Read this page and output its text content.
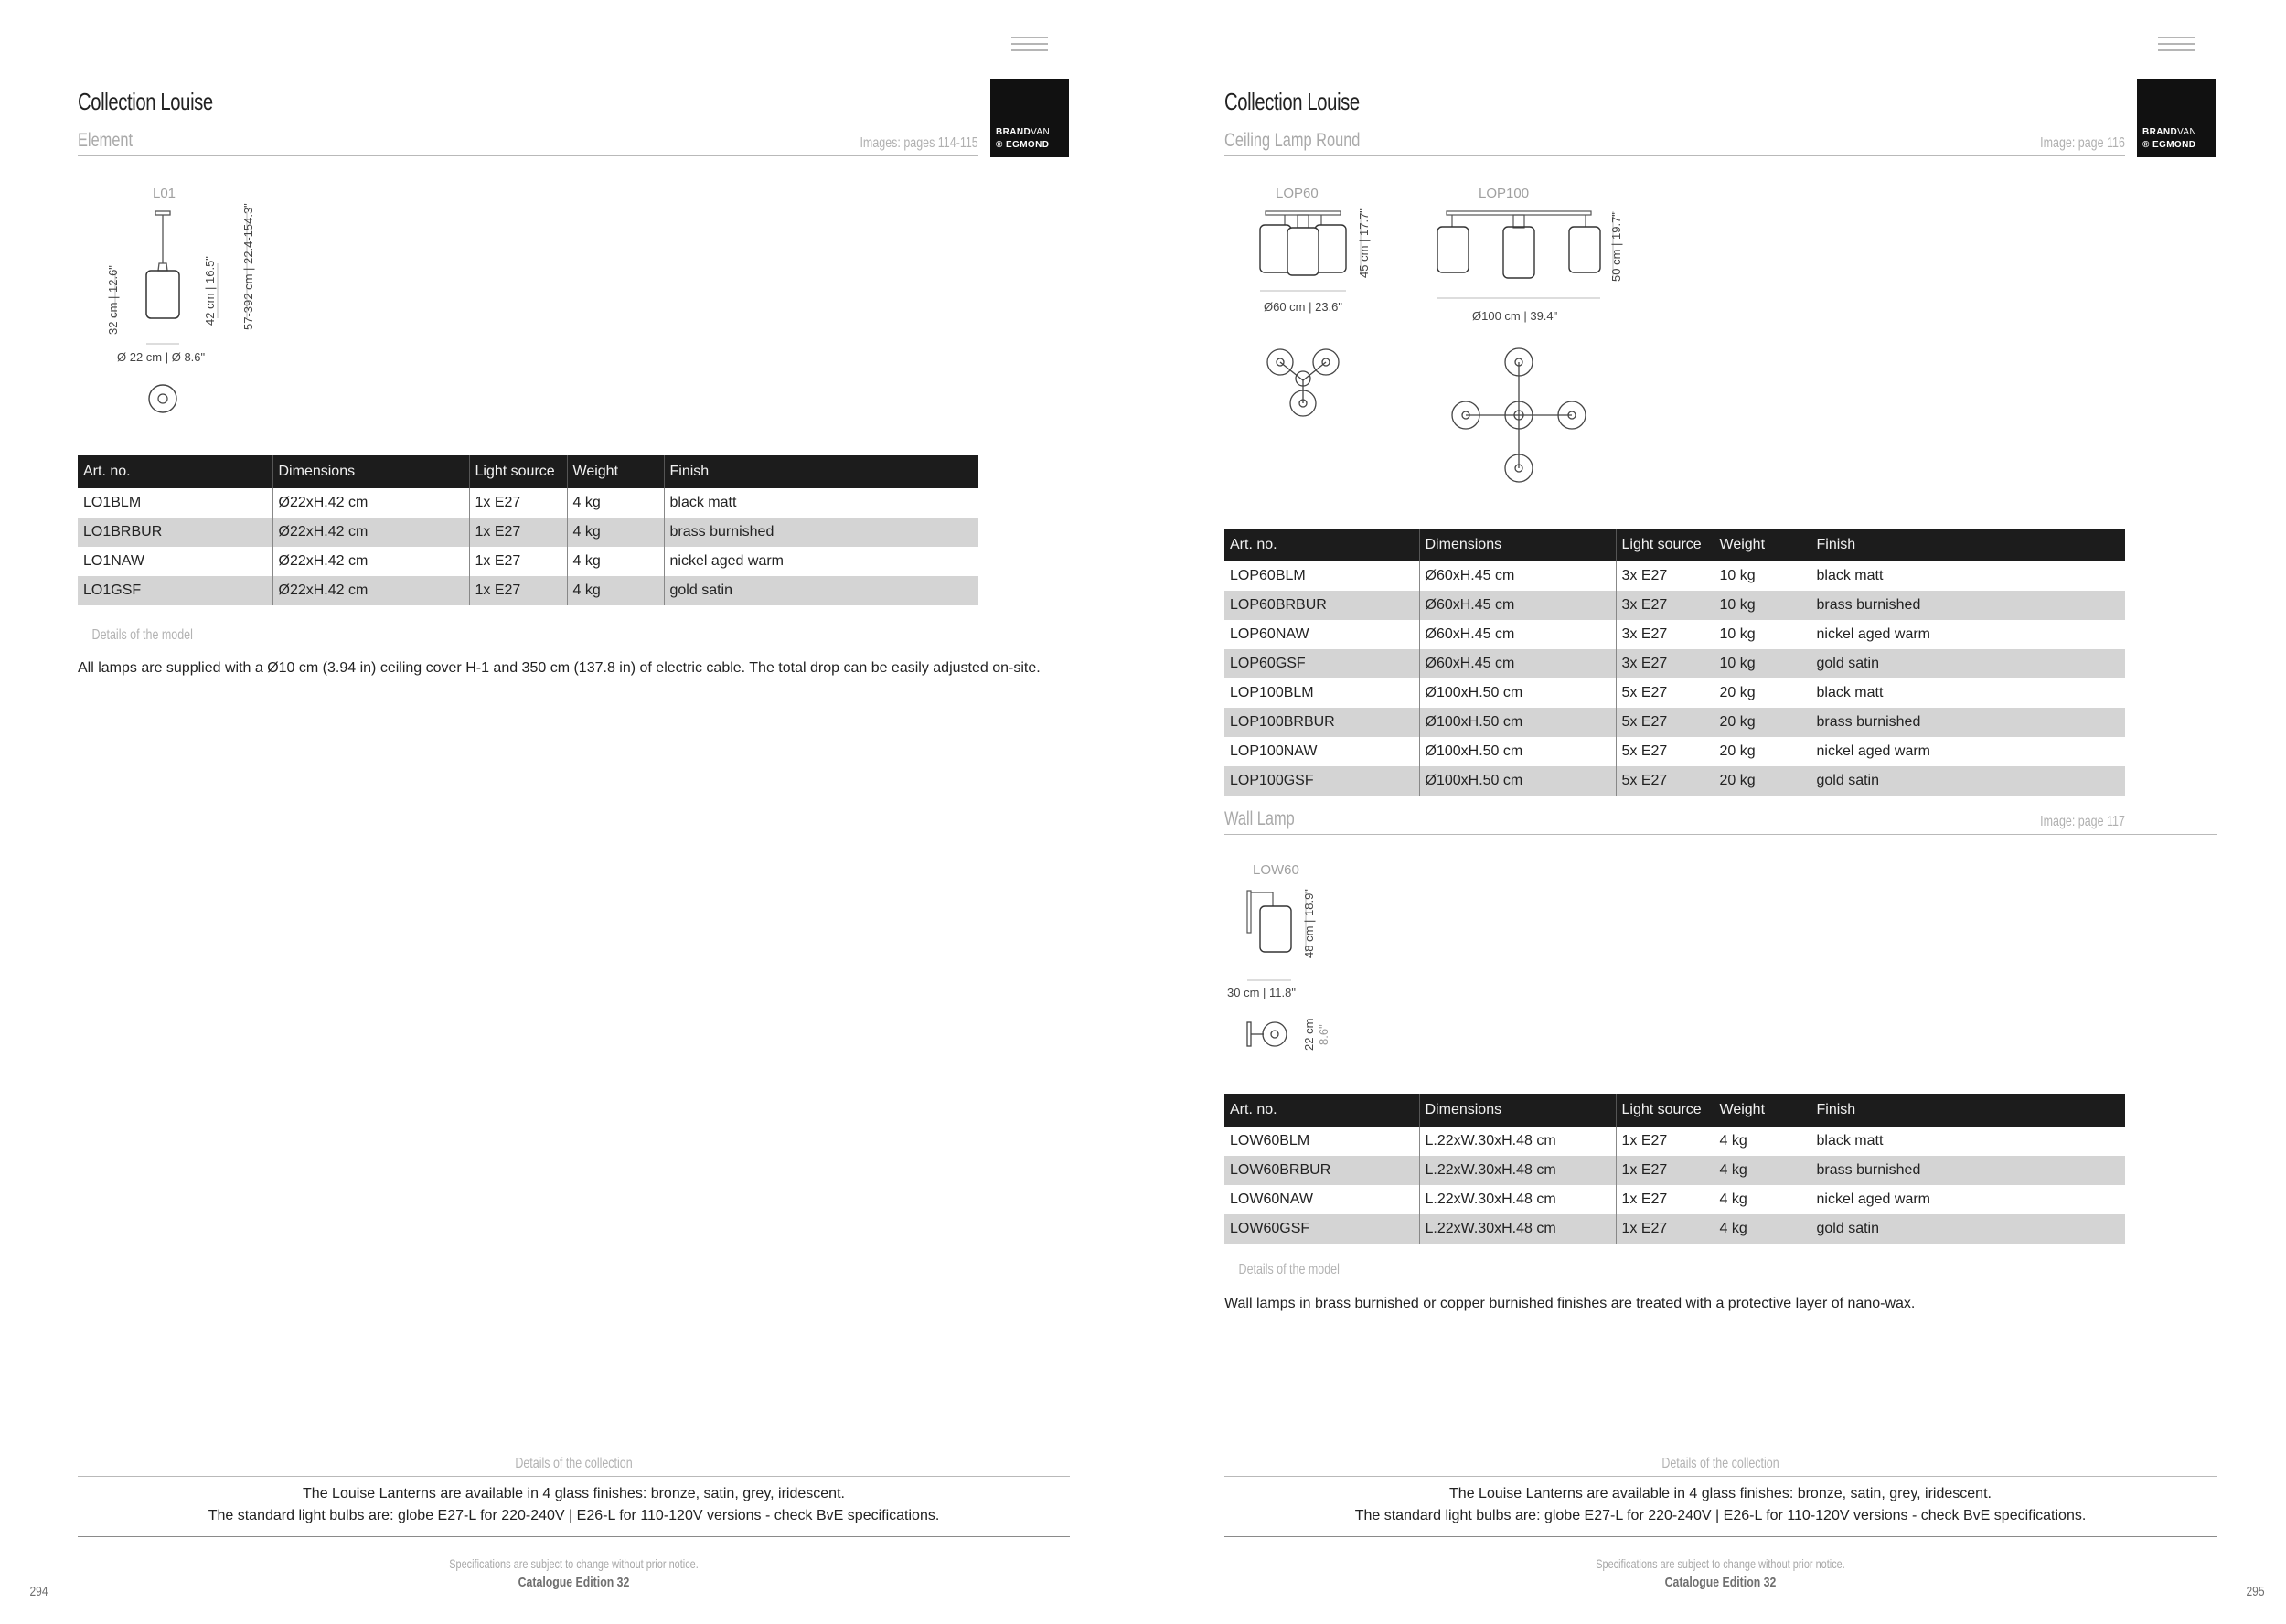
BRANDVAN
® EGMOND
Collection Louise
Element	Images: pages 114-115
L01
32 cm | 12.6"	42 cm | 16.5" 57-392 cm | 22.4-154.3"
Ø 22 cm | Ø 8.6"
Art. no.	Dimensions	Light source	Weight	Finish
LO1BLM	Ø22xH.42 cm	1x E27	4 kg	black matt
LO1BRBUR	Ø22xH.42 cm	1x E27	4 kg	brass burnished
LO1NAW	Ø22xH.42 cm	1x E27	4 kg	nickel aged warm
LO1GSF	Ø22xH.42 cm	1x E27	4 kg	gold satin
Details of the model
All lamps are supplied with a Ø10 cm (3.94 in) ceiling cover H-1 and 350 cm (137.8 in) of electric cable. The total drop can be easily adjusted on-site.
Details of the collection
The Louise Lanterns are available in 4 glass finishes: bronze, satin, grey, iridescent.
The standard light bulbs are: globe E27-L for 220-240V | E26-L for 110-120V versions - check BvE specifications.
Specifications are subject to change without prior notice.
Catalogue Edition 32
294
BRANDVAN
® EGMOND
Collection Louise
Ceiling Lamp Round	Image: page 116
LOP60
45 cm | 17.7"
Ø60 cm | 23.6"
LOP100
50 cm | 19.7"
Ø100 cm | 39.4"
Art. no.	Dimensions	Light source	Weight	Finish
LOP60BLM	Ø60xH.45 cm	3x E27	10 kg	black matt
LOP60BRBUR	Ø60xH.45 cm	3x E27	10 kg	brass burnished
LOP60NAW	Ø60xH.45 cm	3x E27	10 kg	nickel aged warm
LOP60GSF	Ø60xH.45 cm	3x E27	10 kg	gold satin
LOP100BLM	Ø100xH.50 cm	5x E27	20 kg	black matt
LOP100BRBUR	Ø100xH.50 cm	5x E27	20 kg	brass burnished
LOP100NAW	Ø100xH.50 cm	5x E27	20 kg	nickel aged warm
LOP100GSF	Ø100xH.50 cm	5x E27	20 kg	gold satin
Wall Lamp	Image: page 117
LOW60
48 cm | 18.9"
30 cm | 11.8"
22 cm 8.6"
Art. no.	Dimensions	Light source	Weight	Finish
LOW60BLM	L.22xW.30xH.48 cm	1x E27	4 kg	black matt
LOW60BRBUR	L.22xW.30xH.48 cm	1x E27	4 kg	brass burnished
LOW60NAW	L.22xW.30xH.48 cm	1x E27	4 kg	nickel aged warm
LOW60GSF	L.22xW.30xH.48 cm	1x E27	4 kg	gold satin
Details of the model
Wall lamps in brass burnished or copper burnished finishes are treated with a protective layer of nano-wax.
Details of the collection
The Louise Lanterns are available in 4 glass finishes: bronze, satin, grey, iridescent.
The standard light bulbs are: globe E27-L for 220-240V | E26-L for 110-120V versions - check BvE specifications.
Specifications are subject to change without prior notice.
Catalogue Edition 32
295
